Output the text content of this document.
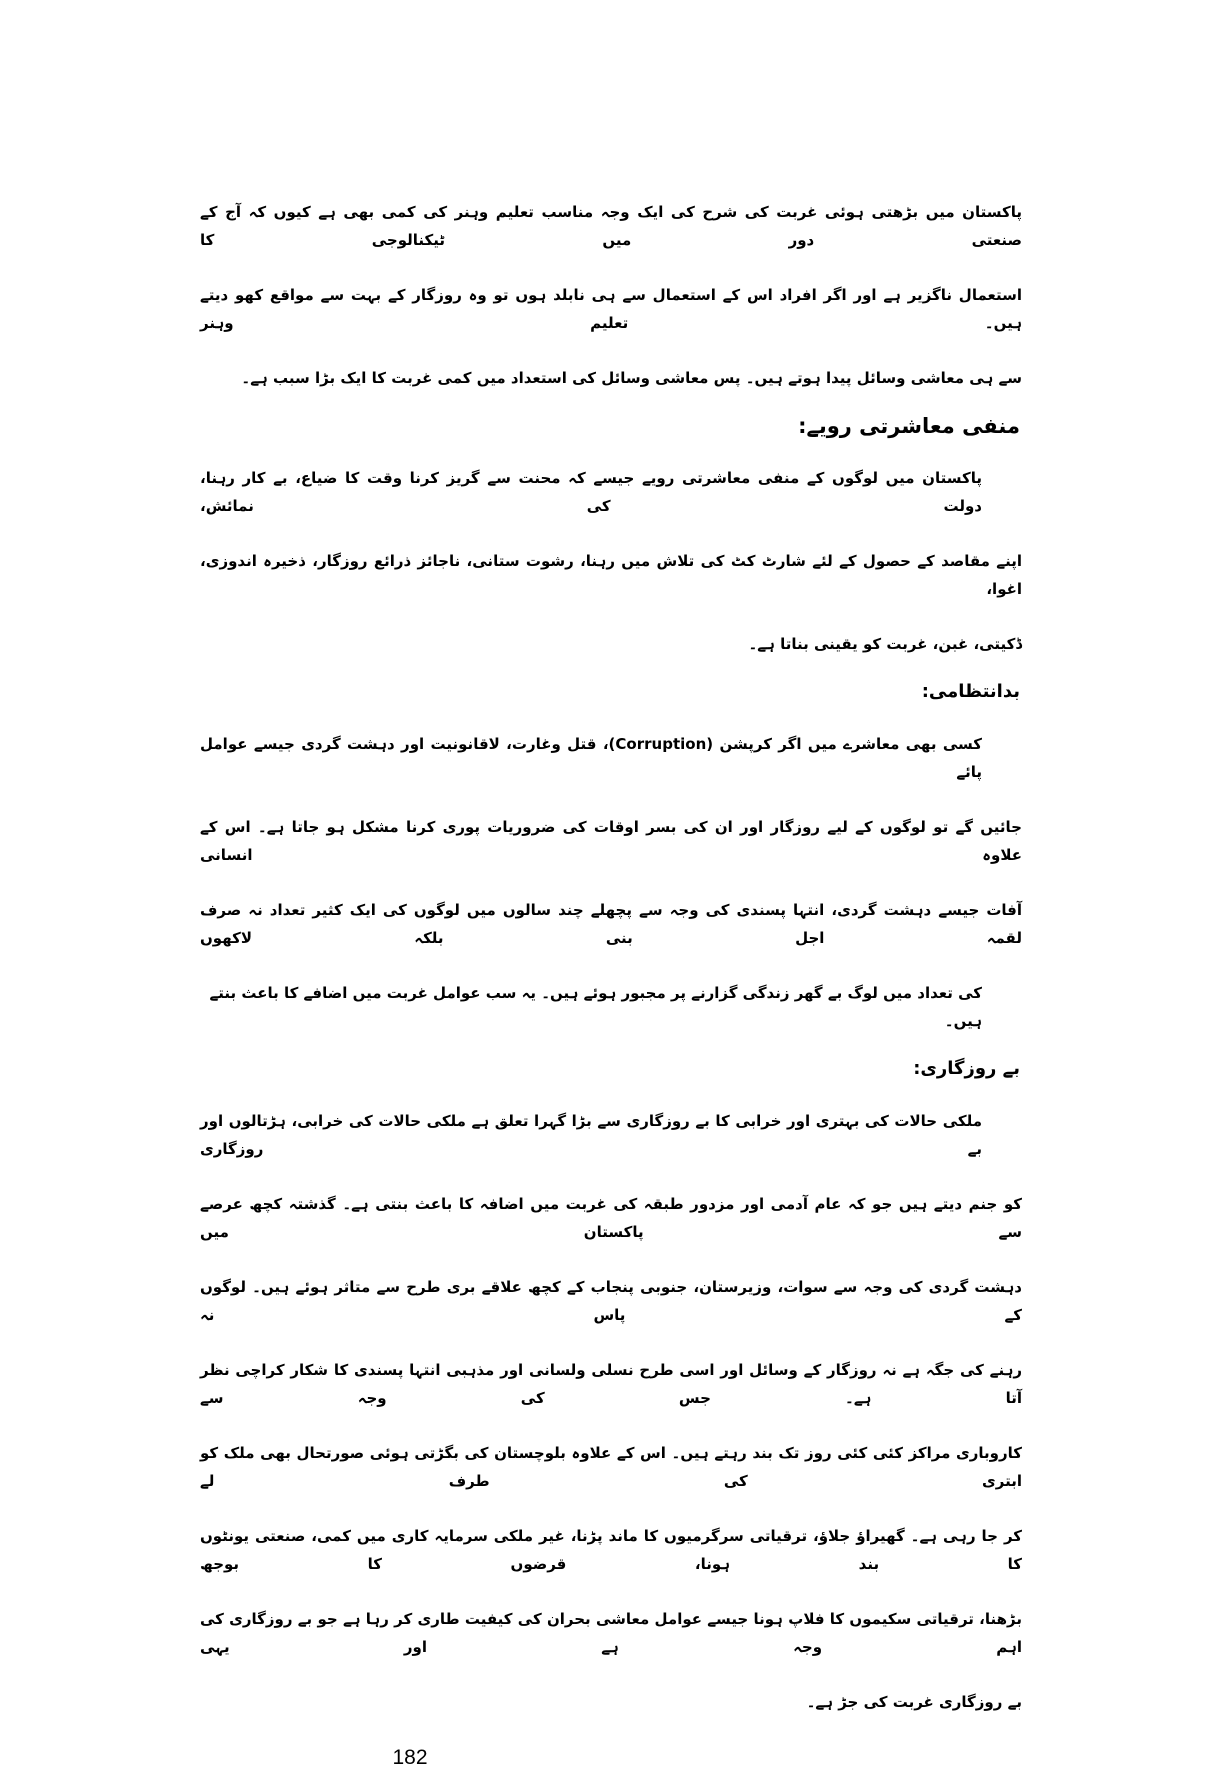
پاکستان میں بڑھتی ہوئی غربت کی شرح کی ایک وجہ مناسب تعلیم وہنر کی کمی بھی ہے کیوں کہ آج کے صنعتی دور میں ٹیکنالوجی کا
استعمال ناگزیر ہے اور اگر افراد اس کے استعمال سے ہی نابلد ہوں تو وہ روزگار کے بہت سے مواقع کھو دیتے ہیں۔ تعلیم وہنر
سے ہی معاشی وسائل پیدا ہوتے ہیں۔ پس معاشی وسائل کی استعداد میں کمی غربت کا ایک بڑا سبب ہے۔
منفی معاشرتی رویے:
پاکستان میں لوگوں کے منفی معاشرتی رویے جیسے کہ محنت سے گریز کرنا وقت کا ضیاع، بے کار رہنا، دولت کی نمائش،
اپنے مقاصد کے حصول کے لئے شارٹ کٹ کی تلاش میں رہنا، رشوت ستانی، ناجائز ذرائع روزگار، ذخیرہ اندوزی، اغوا،
ڈکیتی، غبن، غربت کو یقینی بناتا ہے۔
بدانتظامی:
کسی بھی معاشرے میں اگر کرپشن (Corruption)، قتل وغارت، لاقانونیت اور دہشت گردی جیسے عوامل پائے
جائیں گے تو لوگوں کے لیے روزگار اور ان کی بسر اوقات کی ضروریات پوری کرنا مشکل ہو جاتا ہے۔ اس کے علاوہ انسانی
آفات جیسے دہشت گردی، انتہا پسندی کی وجہ سے پچھلے چند سالوں میں لوگوں کی ایک کثیر تعداد نہ صرف لقمہ اجل بنی بلکہ لاکھوں
کی تعداد میں لوگ بے گھر زندگی گزارنے پر مجبور ہوئے ہیں۔ یہ سب عوامل غربت میں اضافے کا باعث بنتے ہیں۔
بے روزگاری:
ملکی حالات کی بہتری اور خرابی کا بے روزگاری سے بڑا گہرا تعلق ہے ملکی حالات کی خرابی، ہڑتالوں اور بے روزگاری
کو جنم دیتے ہیں جو کہ عام آدمی اور مزدور طبقہ کی غربت میں اضافہ کا باعث بنتی ہے۔ گذشتہ کچھ عرصے سے پاکستان میں
دہشت گردی کی وجہ سے سوات، وزیرستان، جنوبی پنجاب کے کچھ علاقے بری طرح سے متاثر ہوئے ہیں۔ لوگوں کے پاس نہ
رہنے کی جگہ ہے نہ روزگار کے وسائل اور اسی طرح نسلی ولسانی اور مذہبی انتہا پسندی کا شکار کراچی نظر آتا ہے۔ جس کی وجہ سے
کاروباری مراکز کئی کئی روز تک بند رہتے ہیں۔ اس کے علاوہ بلوچستان کی بگڑتی ہوئی صورتحال بھی ملک کو ابتری کی طرف لے
کر جا رہی ہے۔ گھیراؤ جلاؤ، ترقیاتی سرگرمیوں کا ماند پڑنا، غیر ملکی سرمایہ کاری میں کمی، صنعتی یونٹوں کا بند ہونا، قرضوں کا بوجھ
بڑھنا، ترقیاتی سکیموں کا فلاپ ہونا جیسے عوامل معاشی بحران کی کیفیت طاری کر رہا ہے جو بے روزگاری کی اہم وجہ ہے اور یہی
بے روزگاری غربت کی جڑ ہے۔
182
